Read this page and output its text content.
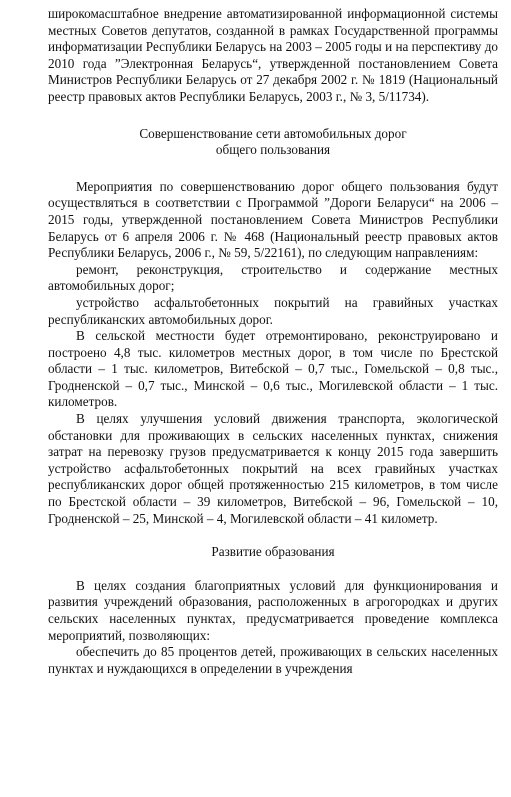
широкомасштабное внедрение автоматизированной информационной системы местных Советов депутатов, созданной в рамках Государственной программы информатизации Республики Беларусь на 2003 – 2005 годы и на перспективу до 2010 года ”Электронная Беларусь“, утвержденной постановлением Совета Министров Республики Беларусь от 27 декабря 2002 г. № 1819 (Национальный реестр правовых актов Республики Беларусь, 2003 г., № 3, 5/11734).

Совершенствование сети автомобильных дорог

общего пользования

Мероприятия по совершенствованию дорог общего пользования будут осуществляться в соответствии с Программой ”Дороги Беларуси“ на 2006 – 2015 годы, утвержденной постановлением Совета Министров Республики Беларусь от 6 апреля 2006 г. № 468 (Национальный реестр правовых актов Республики Беларусь, 2006 г., № 59, 5/22161), по следующим направлениям:

ремонт, реконструкция, строительство и содержание местных автомобильных дорог;

устройство асфальтобетонных покрытий на гравийных участках республиканских автомобильных дорог.

В сельской местности будет отремонтировано, реконструировано и построено 4,8 тыс. километров местных дорог, в том числе по Брестской области – 1 тыс. километров, Витебской – 0,7 тыс., Гомельской – 0,8 тыс., Гродненской – 0,7 тыс., Минской – 0,6 тыс., Могилевской области – 1 тыс. километров.

В целях улучшения условий движения транспорта, экологической обстановки для проживающих в сельских населенных пунктах, снижения затрат на перевозку грузов предусматривается к концу 2015 года завершить устройство асфальтобетонных покрытий на всех гравийных участках республиканских дорог общей протяженностью 215 километров, в том числе по Брестской области – 39 километров, Витебской – 96, Гомельской – 10, Гродненской – 25, Минской – 4, Могилевской области – 41 километр.

Развитие образования

В целях создания благоприятных условий для функционирования и развития учреждений образования, расположенных в агрогородках и других сельских населенных пунктах, предусматривается проведение комплекса мероприятий, позволяющих:

обеспечить до 85 процентов детей, проживающих в сельских населенных пунктах и нуждающихся в определении в учреждения
